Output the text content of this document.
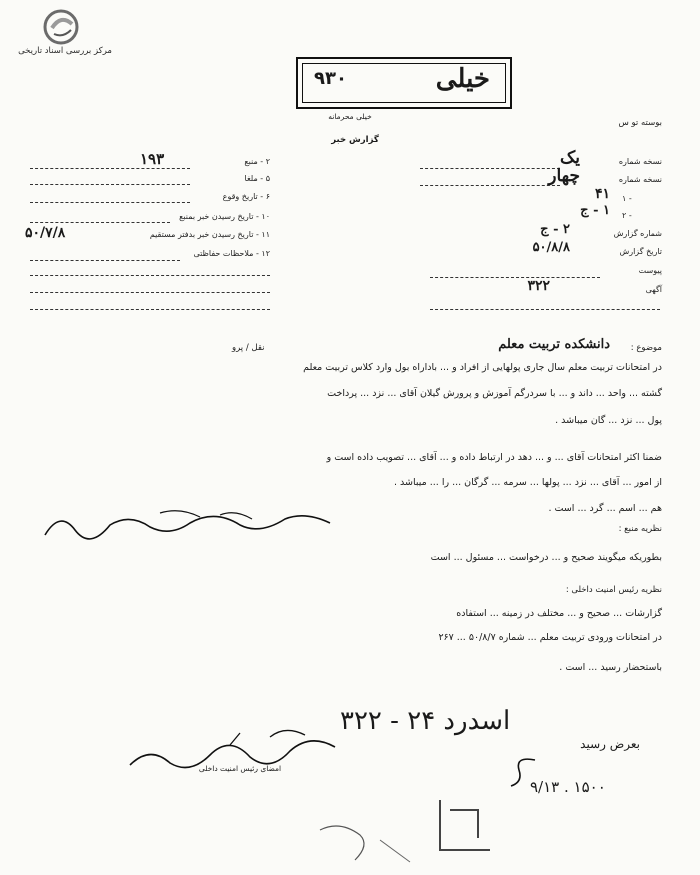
مرکز بررسی اسناد تاریخی
بوسته تو س
خیلی
۹۳۰
خیلی محرمانه
گزارش خبر
۲ - منبع
۱۹۳
۵ - ملغا
۶ - تاریخ وقوع
۱۰ - تاریخ رسیدن خبر بمنبع
۱۱ - تاریخ رسیدن خبر بدفتر مستقیم
۵۰/۷/۸
۱۲ - ملاحظات حفاظتی
نسخه شماره
یک
نسخه شماره
چهار
۱ -
۴۱
۲ -
۱ - ج
شماره گزارش
۲ - ج
تاریخ گزارش
۵۰/۸/۸
پیوست
آگهی
۳۲۲
موضوع :
دانشکده تربیت معلم
نقل / پرو
در امتحانات تربیت معلم سال جاری پولهایی از افراد و ... باداراه بول وارد کلاس تربیت معلم
گشته ... واحد ... داند و ... با سردرگم آموزش و پرورش گیلان آقای ... نزد ... پرداخت
پول ... نزد ... گان میباشد .
ضمنا اکثر امتحانات آقای ... و ... دهد در ارتباط داده و ... آقای ... تصویب داده است و
از امور ... آقای ... نزد ... پولها ... سرمه ... گرگان ... را ... میباشد .
هم ... اسم ... گرد ... است .
نظریه منبع :
بطوریکه میگویند صحیح و ... درخواست ... مسئول ... است
نظریه رئیس امنیت داخلی :
گزارشات ... صحیح و ... مختلف در زمینه ... استفاده
در امتحانات ورودی تربیت معلم ... شماره ۵۰/۸/۷ ... ۲۶۷
باستحضار رسید ... است .
اسدرد ۲۴ - ۳۲۲
امضای رئیس امنیت داخلی
بعرض رسید
۹/۱۳ . ۱۵۰۰
